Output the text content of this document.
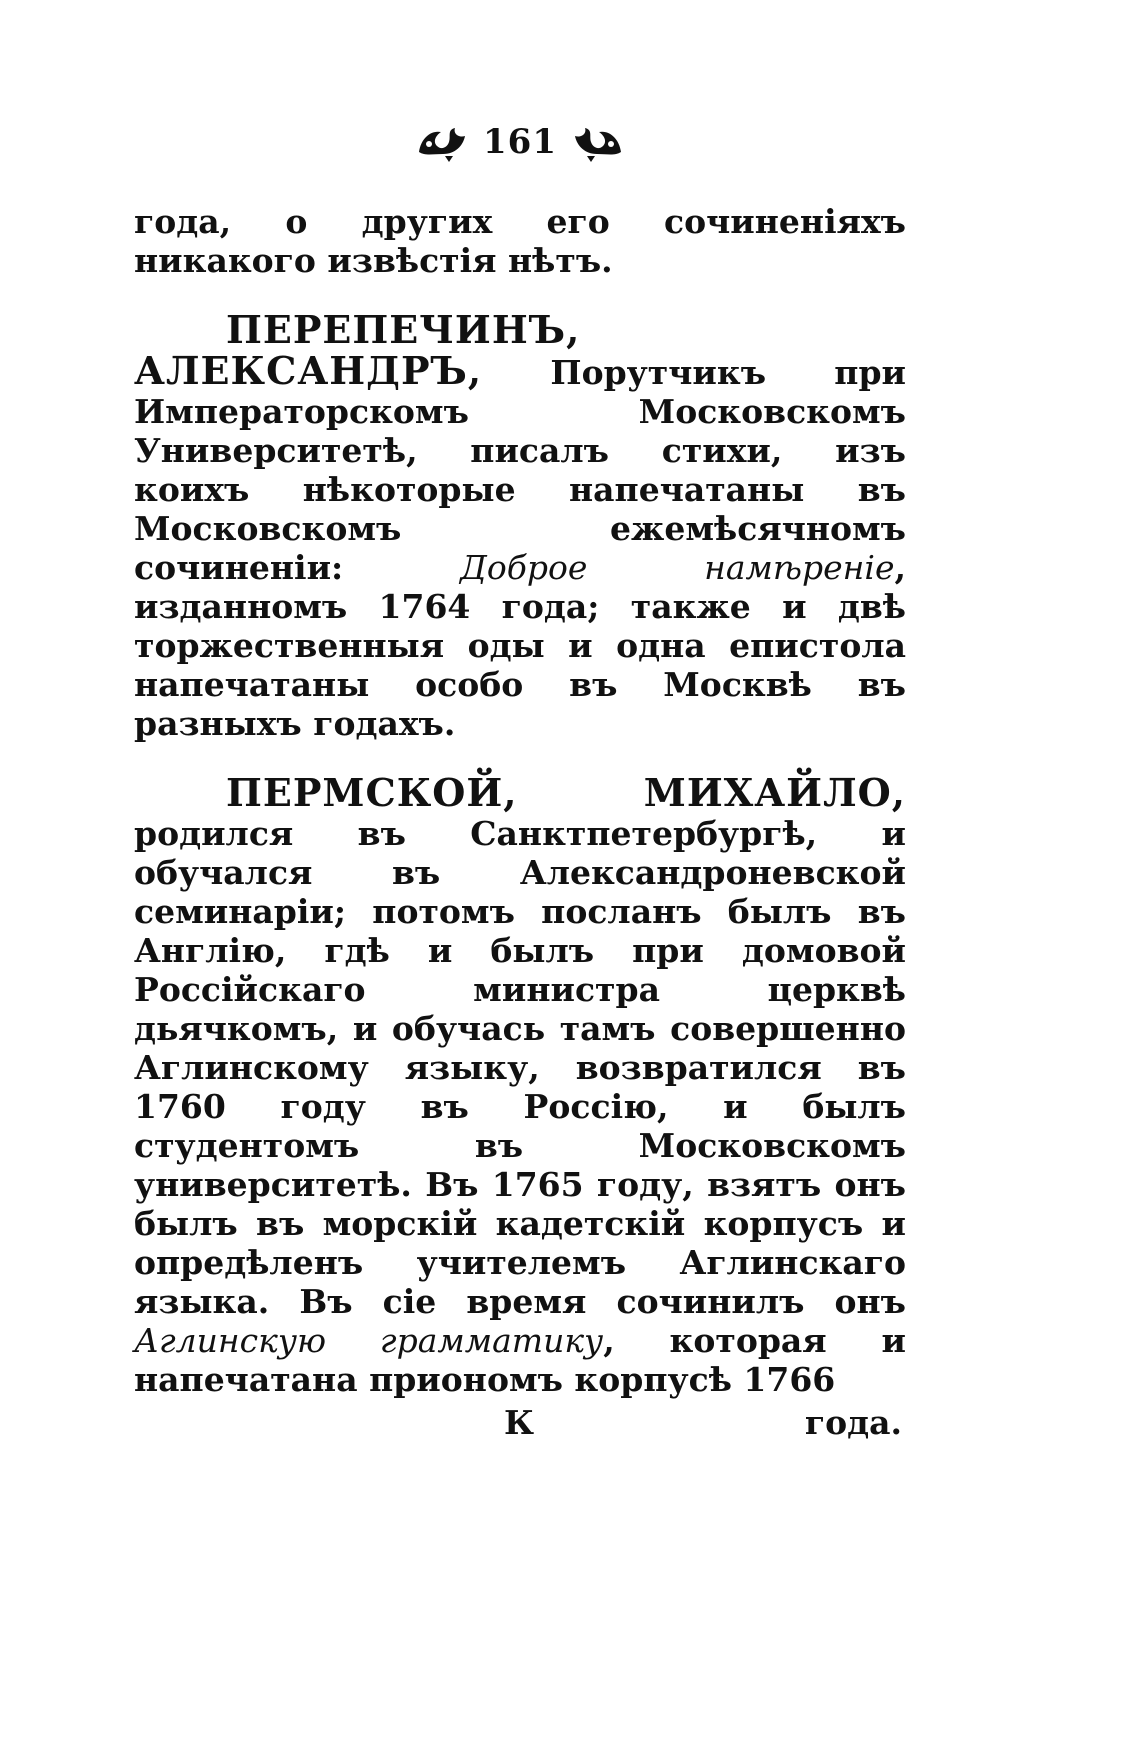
161

года, о других его сочиненіяхъ никакого извѣстія нѣтъ.

ПЕРЕПЕЧИНЪ, АЛЕКСАНДРЪ, Порутчикъ при Императорскомъ Московскомъ Университетѣ, писалъ стихи, изъ коихъ нѣкоторые напечатаны въ Московскомъ ежемѣсячномъ сочиненіи: Доброе намѣреніе, изданномъ 1764 года; также и двѣ торжественныя оды и одна епистола напечатаны особо въ Москвѣ въ разныхъ годахъ.

ПЕРМСКОЙ, МИХАЙЛО, родился въ Санктпетербургѣ, и обучался въ Александроневской семинаріи; потомъ посланъ былъ въ Англію, гдѣ и былъ при домовой Россійскаго министра церквѣ дьячкомъ, и обучась тамъ совершенно Аглинскому языку, возвратился въ 1760 году въ Россію, и былъ студентомъ въ Московскомъ университетѣ. Въ 1765 году, взятъ онъ былъ въ морскій кадетскій корпусъ и опредѣленъ учителемъ Аглинскаго языка. Въ сіе время сочинилъ онъ Аглинскую грамматику, которая и напечатана приономъ корпусѣ 1766

К	года.
